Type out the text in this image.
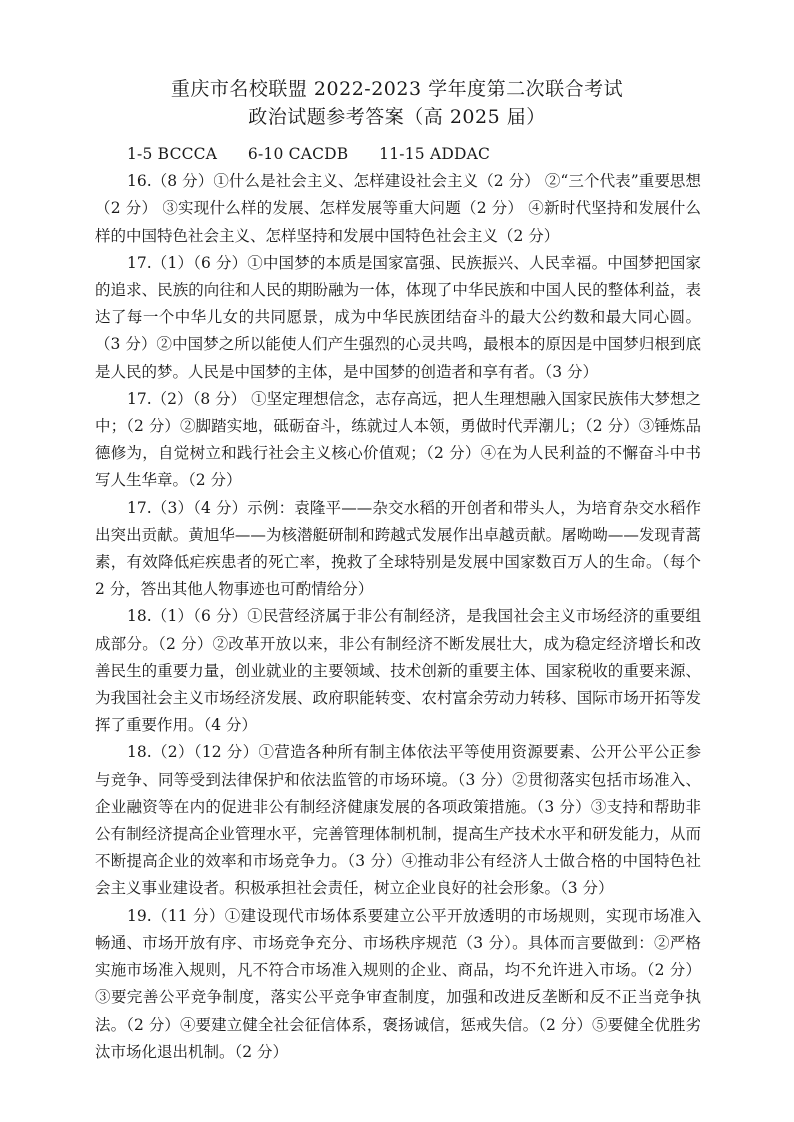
重庆市名校联盟 2022-2023 学年度第二次联合考试
政治试题参考答案（高 2025 届）

1-5 BCCCA      6-10 CACDB      11-15 ADDAC

16.（8 分）①什么是社会主义、怎样建设社会主义（2 分） ②“三个代表”重要思想（2 分） ③实现什么样的发展、怎样发展等重大问题（2 分） ④新时代坚持和发展什么样的中国特色社会主义、怎样坚持和发展中国特色社会主义（2 分）

17.（1）（6 分）①中国梦的本质是国家富强、民族振兴、人民幸福。中国梦把国家的追求、民族的向往和人民的期盼融为一体，体现了中华民族和中国人民的整体利益，表达了每一个中华儿女的共同愿景，成为中华民族团结奋斗的最大公约数和最大同心圆。（3 分）②中国梦之所以能使人们产生强烈的心灵共鸣，最根本的原因是中国梦归根到底是人民的梦。人民是中国梦的主体，是中国梦的创造者和享有者。（3 分）

17.（2）（8 分） ①坚定理想信念，志存高远，把人生理想融入国家民族伟大梦想之中；（2 分）②脚踏实地，砥砺奋斗，练就过人本领，勇做时代弄潮儿；（2 分）③锤炼品德修为，自觉树立和践行社会主义核心价值观；（2 分）④在为人民利益的不懈奋斗中书写人生华章。（2 分）

17.（3）（4 分）示例：袁隆平——杂交水稻的开创者和带头人，为培育杂交水稻作出突出贡献。黄旭华——为核潜艇研制和跨越式发展作出卓越贡献。屠呦呦——发现青蒿素，有效降低疟疾患者的死亡率，挽救了全球特别是发展中国家数百万人的生命。（每个 2 分，答出其他人物事迹也可酌情给分）

18.（1）（6 分）①民营经济属于非公有制经济，是我国社会主义市场经济的重要组成部分。（2 分）②改革开放以来，非公有制经济不断发展壮大，成为稳定经济增长和改善民生的重要力量，创业就业的主要领域、技术创新的重要主体、国家税收的重要来源、为我国社会主义市场经济发展、政府职能转变、农村富余劳动力转移、国际市场开拓等发挥了重要作用。（4 分）

18.（2）（12 分）①营造各种所有制主体依法平等使用资源要素、公开公平公正参与竞争、同等受到法律保护和依法监管的市场环境。（3 分）②贯彻落实包括市场准入、企业融资等在内的促进非公有制经济健康发展的各项政策措施。（3 分）③支持和帮助非公有制经济提高企业管理水平，完善管理体制机制，提高生产技术水平和研发能力，从而不断提高企业的效率和市场竞争力。（3 分）④推动非公有经济人士做合格的中国特色社会主义事业建设者。积极承担社会责任，树立企业良好的社会形象。（3 分）

19.（11 分）①建设现代市场体系要建立公平开放透明的市场规则，实现市场准入畅通、市场开放有序、市场竞争充分、市场秩序规范（3 分）。具体而言要做到：②严格实施市场准入规则，凡不符合市场准入规则的企业、商品，均不允许进入市场。（2 分）③要完善公平竞争制度，落实公平竞争审查制度，加强和改进反垄断和反不正当竞争执法。（2 分）④要建立健全社会征信体系，褒扬诚信，惩戒失信。（2 分）⑤要健全优胜劣汰市场化退出机制。（2 分）
